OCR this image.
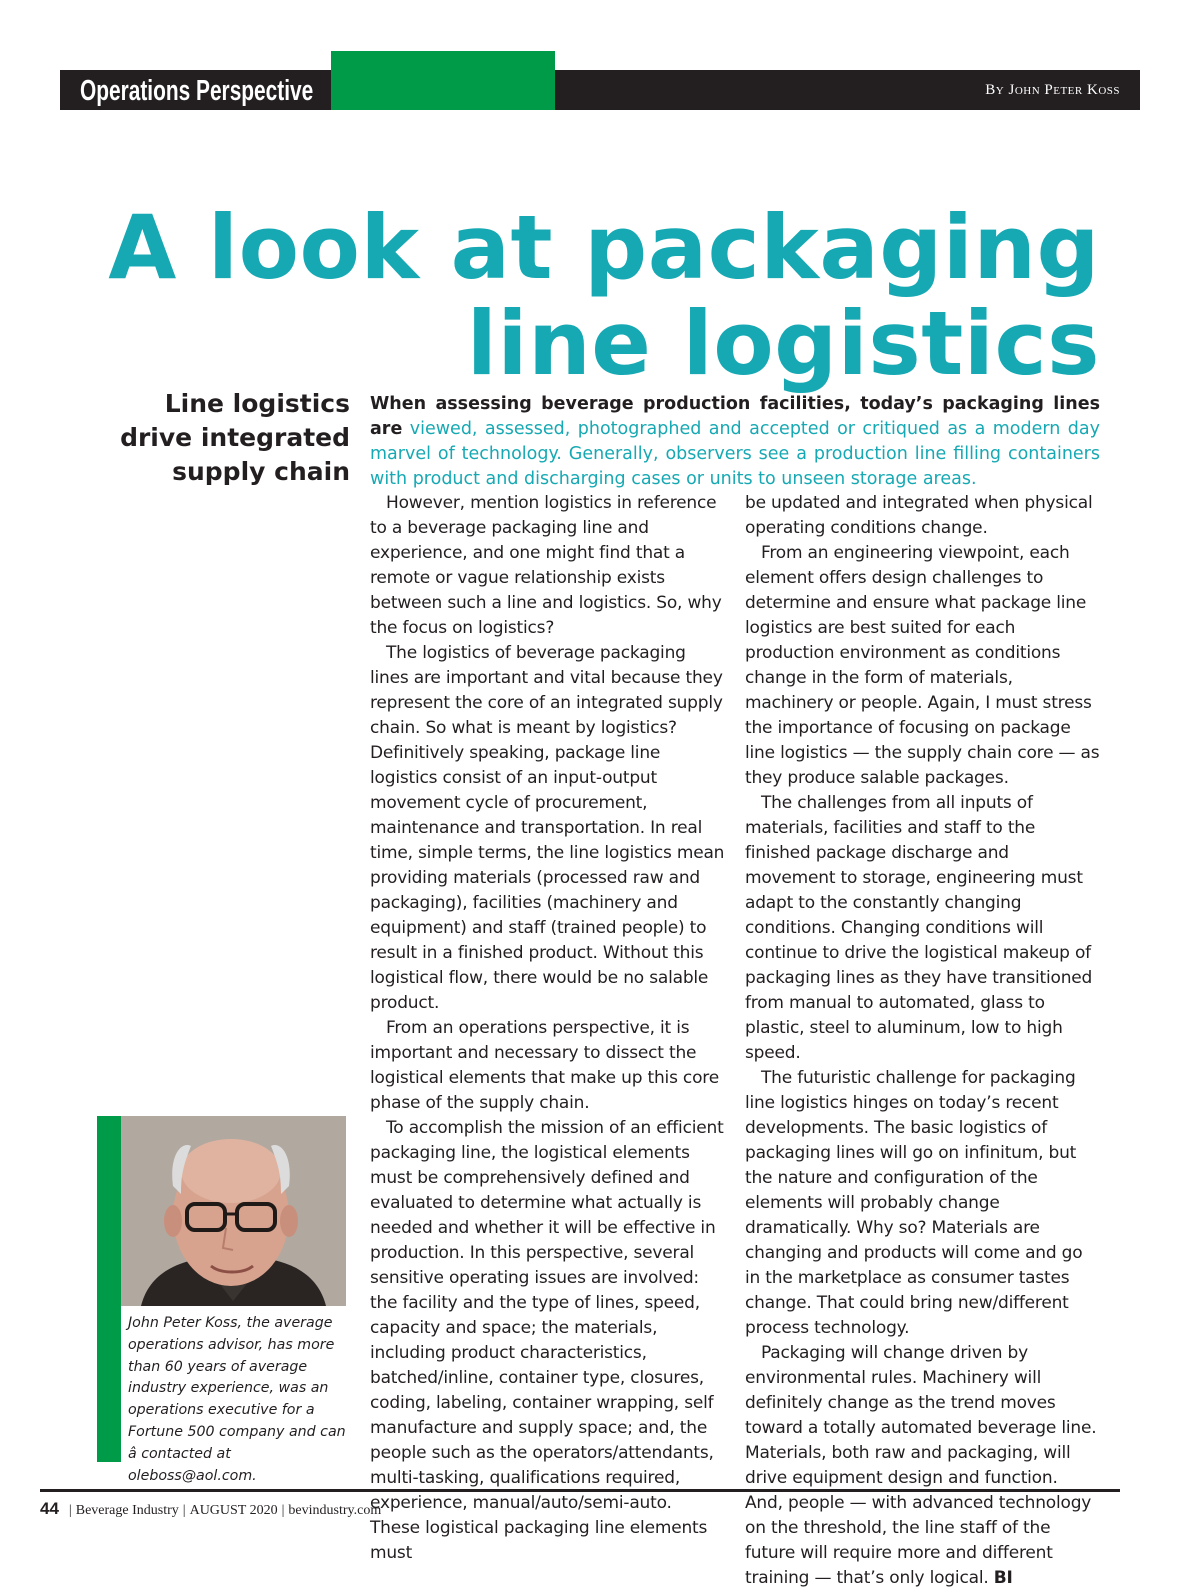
Operations Perspective	By John Peter Koss
A look at packaging
line logistics
Line logistics
drive integrated
supply chain
When assessing beverage production facilities, today’s packaging lines are viewed, assessed, photographed and accepted or critiqued as a modern day marvel of technology. Generally, observers see a production line filling containers with product and discharging cases or units to unseen storage areas.

However, mention logistics in reference to a beverage packaging line and experience, and one might find that a remote or vague relationship exists between such a line and logistics. So, why the focus on logistics?

The logistics of beverage packaging lines are important and vital because they represent the core of an integrated supply chain. So what is meant by logistics? Definitively speaking, package line logistics consist of an input-output movement cycle of procurement, maintenance and transportation. In real time, simple terms, the line logistics mean providing materials (processed raw and packaging), facilities (machinery and equipment) and staff (trained people) to result in a finished product. Without this logistical flow, there would be no salable product.

From an operations perspective, it is important and necessary to dissect the logistical elements that make up this core phase of the supply chain.

To accomplish the mission of an efficient packaging line, the logistical elements must be comprehensively defined and evaluated to determine what actually is needed and whether it will be effective in production. In this perspective, several sensitive operating issues are involved: the facility and the type of lines, speed, capacity and space; the materials, including product characteristics, batched/inline, container type, closures, coding, labeling, container wrapping, self manufacture and supply space; and, the people such as the operators/attendants, multi-tasking, qualifications required, experience, manual/auto/semi-auto. These logistical packaging line elements must

be updated and integrated when physical operating conditions change.

From an engineering viewpoint, each element offers design challenges to determine and ensure what package line logistics are best suited for each production environment as conditions change in the form of materials, machinery or people. Again, I must stress the importance of focusing on package line logistics — the supply chain core — as they produce salable packages.

The challenges from all inputs of materials, facilities and staff to the finished package discharge and movement to storage, engineering must adapt to the constantly changing conditions. Changing conditions will continue to drive the logistical makeup of packaging lines as they have transitioned from manual to automated, glass to plastic, steel to aluminum, low to high speed.

The futuristic challenge for packaging line logistics hinges on today’s recent developments. The basic logistics of packaging lines will go on infinitum, but the nature and configuration of the elements will probably change dramatically. Why so? Materials are changing and products will come and go in the marketplace as consumer tastes change. That could bring new/different process technology.

Packaging will change driven by environmental rules. Machinery will definitely change as the trend moves toward a totally automated beverage line. Materials, both raw and packaging, will drive equipment design and function. And, people — with advanced technology on the threshold, the line staff of the future will require more and different training — that’s only logical. BI

John Peter Koss, the average operations advisor, has more than 60 years of average industry experience, was an operations executive for a Fortune 500 company and can â contacted at oleboss@aol.com.
44 | Beverage Industry | AUGUST 2020 | bevindustry.com
